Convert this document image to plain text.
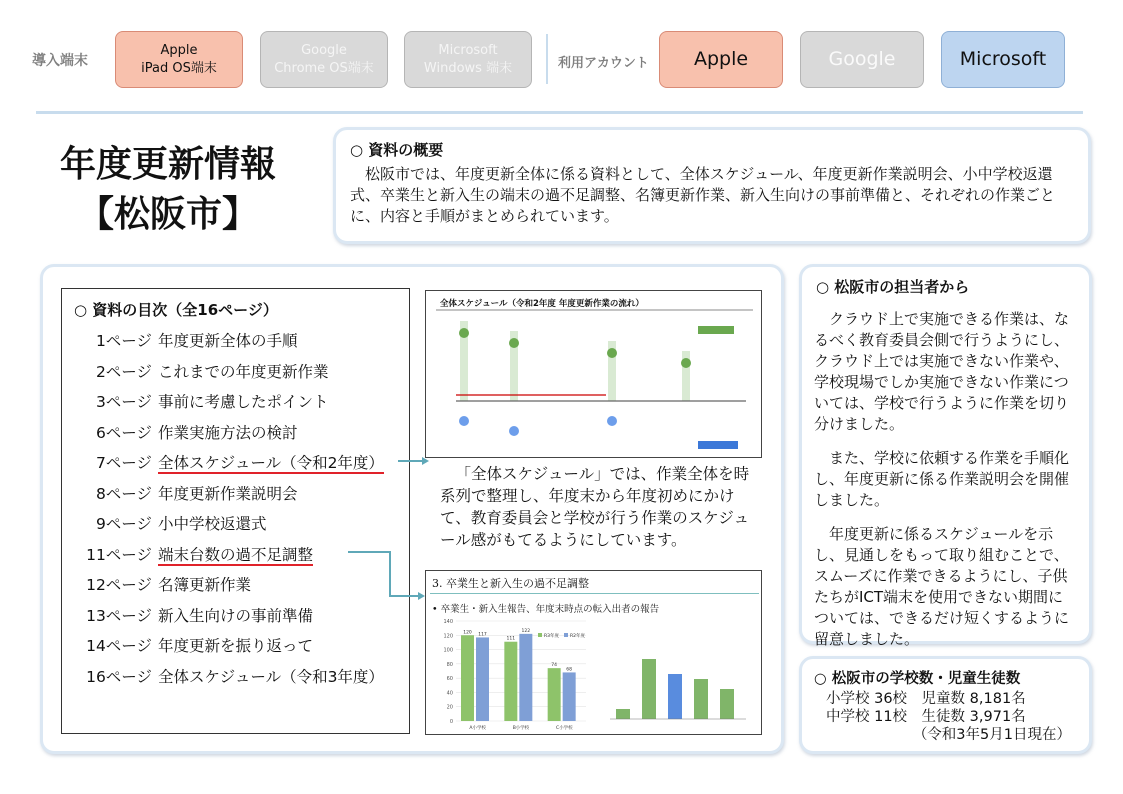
導入端末
Apple
iPad OS端末
Google
Chrome OS端末
Microsoft
Windows 端末	利用アカウント	Apple	Google	Microsoft
年度更新情報
【松阪市】
○ 資料の概要

松阪市では、年度更新全体に係る資料として、全体スケジュール、年度更新作業説明会、小中学校返還式、卒業生と新入生の端末の過不足調整、名簿更新作業、新入生向けの事前準備と、それぞれの作業ごとに、内容と手順がまとめられています。

○ 資料の目次（全16ページ）
1ページ 年度更新全体の手順
2ページ これまでの年度更新作業
3ページ 事前に考慮したポイント
6ページ 作業実施方法の検討
7ページ 全体スケジュール（令和2年度）
8ページ 年度更新作業説明会
9ページ 小中学校返還式
11ページ 端末台数の過不足調整
12ページ 名簿更新作業
13ページ 新入生向けの事前準備
14ページ 年度更新を振り返って
16ページ 全体スケジュール（令和3年度）
全体スケジュール（令和2年度 年度更新作業の流れ）
「全体スケジュール」では、作業全体を時系列で整理し、年度末から年度初めにかけて、教育委員会と学校が行う作業のスケジュール感がもてるようにしています。
3. 卒業生と新入生の過不足調整
• 卒業生・新入生報告、年度末時点の転入出者の報告
0
20
40
60
80
100
120
140
120 117
A小学校
111
122
B小学校
74
68
C小学校
R3年度 R2年度
○ 松阪市の担当者から

クラウド上で実施できる作業は、なるべく教育委員会側で行うようにし、クラウド上では実施できない作業や、学校現場でしか実施できない作業については、学校で行うように作業を切り分けました。

また、学校に依頼する作業を手順化し、年度更新に係る作業説明会を開催しました。

年度更新に係るスケジュールを示し、見通しをもって取り組むことで、スムーズに作業できるようにし、子供たちがICT端末を使用できない期間については、できるだけ短くするように留意しました。

○ 松阪市の学校数・児童生徒数
小学校 36校　児童数 8,181名
中学校 11校　生徒数 3,971名
（令和3年5月1日現在）
